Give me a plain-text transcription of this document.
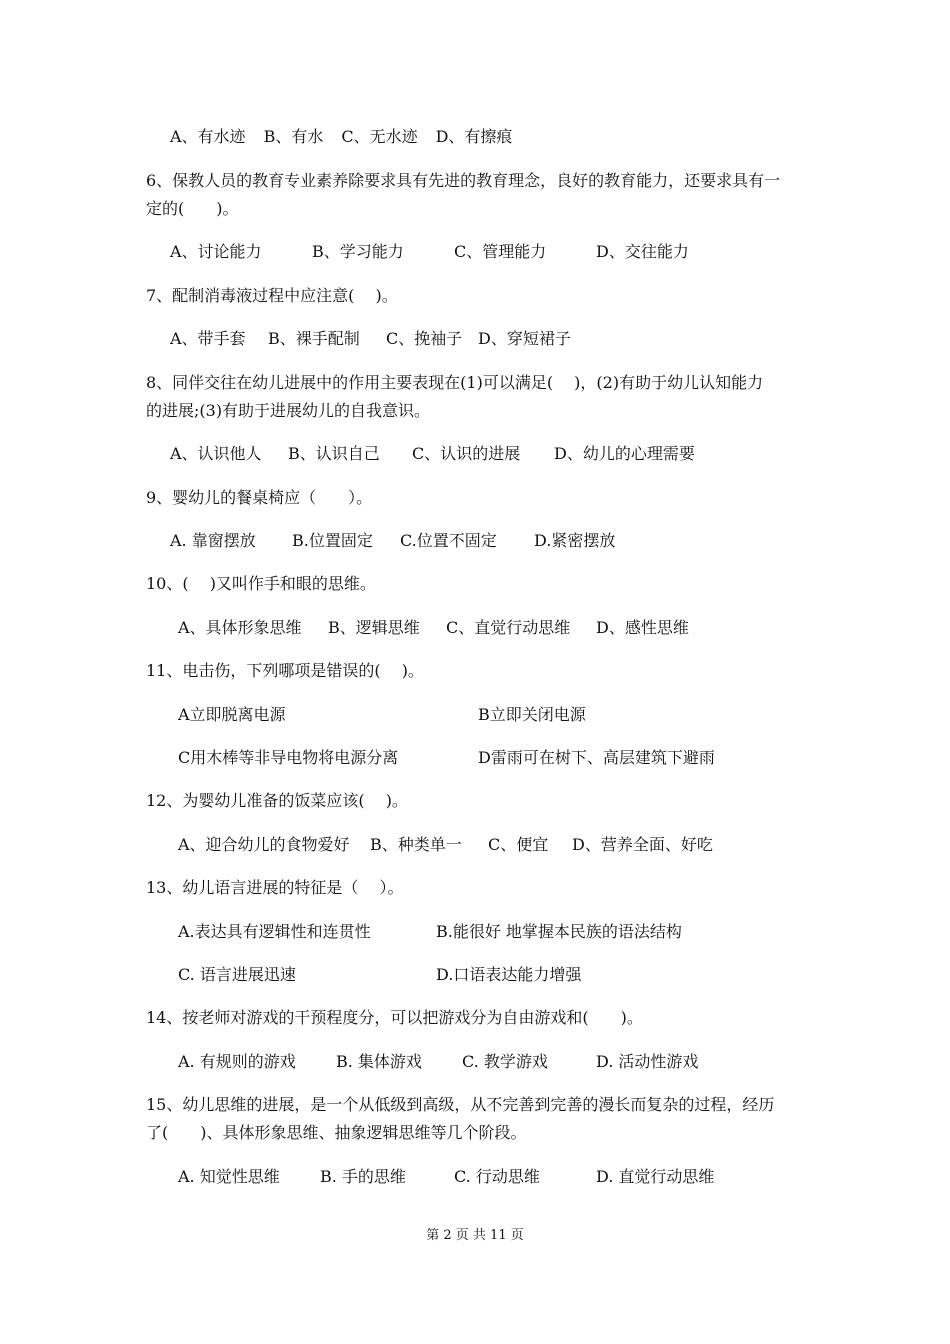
A、有水迹 B、有水 C、无水迹 D、有擦痕
6、保教人员的教育专业素养除要求具有先进的教育理念，良好的教育能力，还要求具有一
定的(　　)。
A、讨论能力	B、学习能力	C、管理能力	D、交往能力
7、配制消毒液过程中应注意(　 )。
A、带手套 B、裸手配制 C、挽袖子 D、穿短裙子
8、同伴交往在幼儿进展中的作用主要表现在(1)可以满足(　 )，(2)有助于幼儿认知能力
的进展;(3)有助于进展幼儿的自我意识。
A、认识他人 B、认识自己 C、认识的进展 D、幼儿的心理需要
9、婴幼儿的餐桌椅应（　　）。
A. 靠窗摆放 B.位置固定 C.位置不固定 D.紧密摆放
10、(　 )又叫作手和眼的思维。
A、具体形象思维 B、逻辑思维 C、直觉行动思维 D、感性思维
11、电击伤，下列哪项是错误的(　 )。
A立即脱离电源	B立即关闭电源
C用木棒等非导电物将电源分离	D雷雨可在树下、高层建筑下避雨
12、为婴幼儿准备的饭菜应该(　 )。
A、迎合幼儿的食物爱好 B、种类单一 C、便宜 D、营养全面、好吃
13、幼儿语言进展的特征是（　 ）。
A.表达具有逻辑性和连贯性	B.能很好 地掌握本民族的语法结构
C. 语言进展迅速	D.口语表达能力增强
14、按老师对游戏的干预程度分，可以把游戏分为自由游戏和(　　)。
A. 有规则的游戏	B. 集体游戏	C. 教学游戏	D. 活动性游戏
15、幼儿思维的进展，是一个从低级到高级，从不完善到完善的漫长而复杂的过程，经历
了(　　)、具体形象思维、抽象逻辑思维等几个阶段。
A. 知觉性思维	B. 手的思维	C. 行动思维	D. 直觉行动思维
第 2 页 共 11 页
